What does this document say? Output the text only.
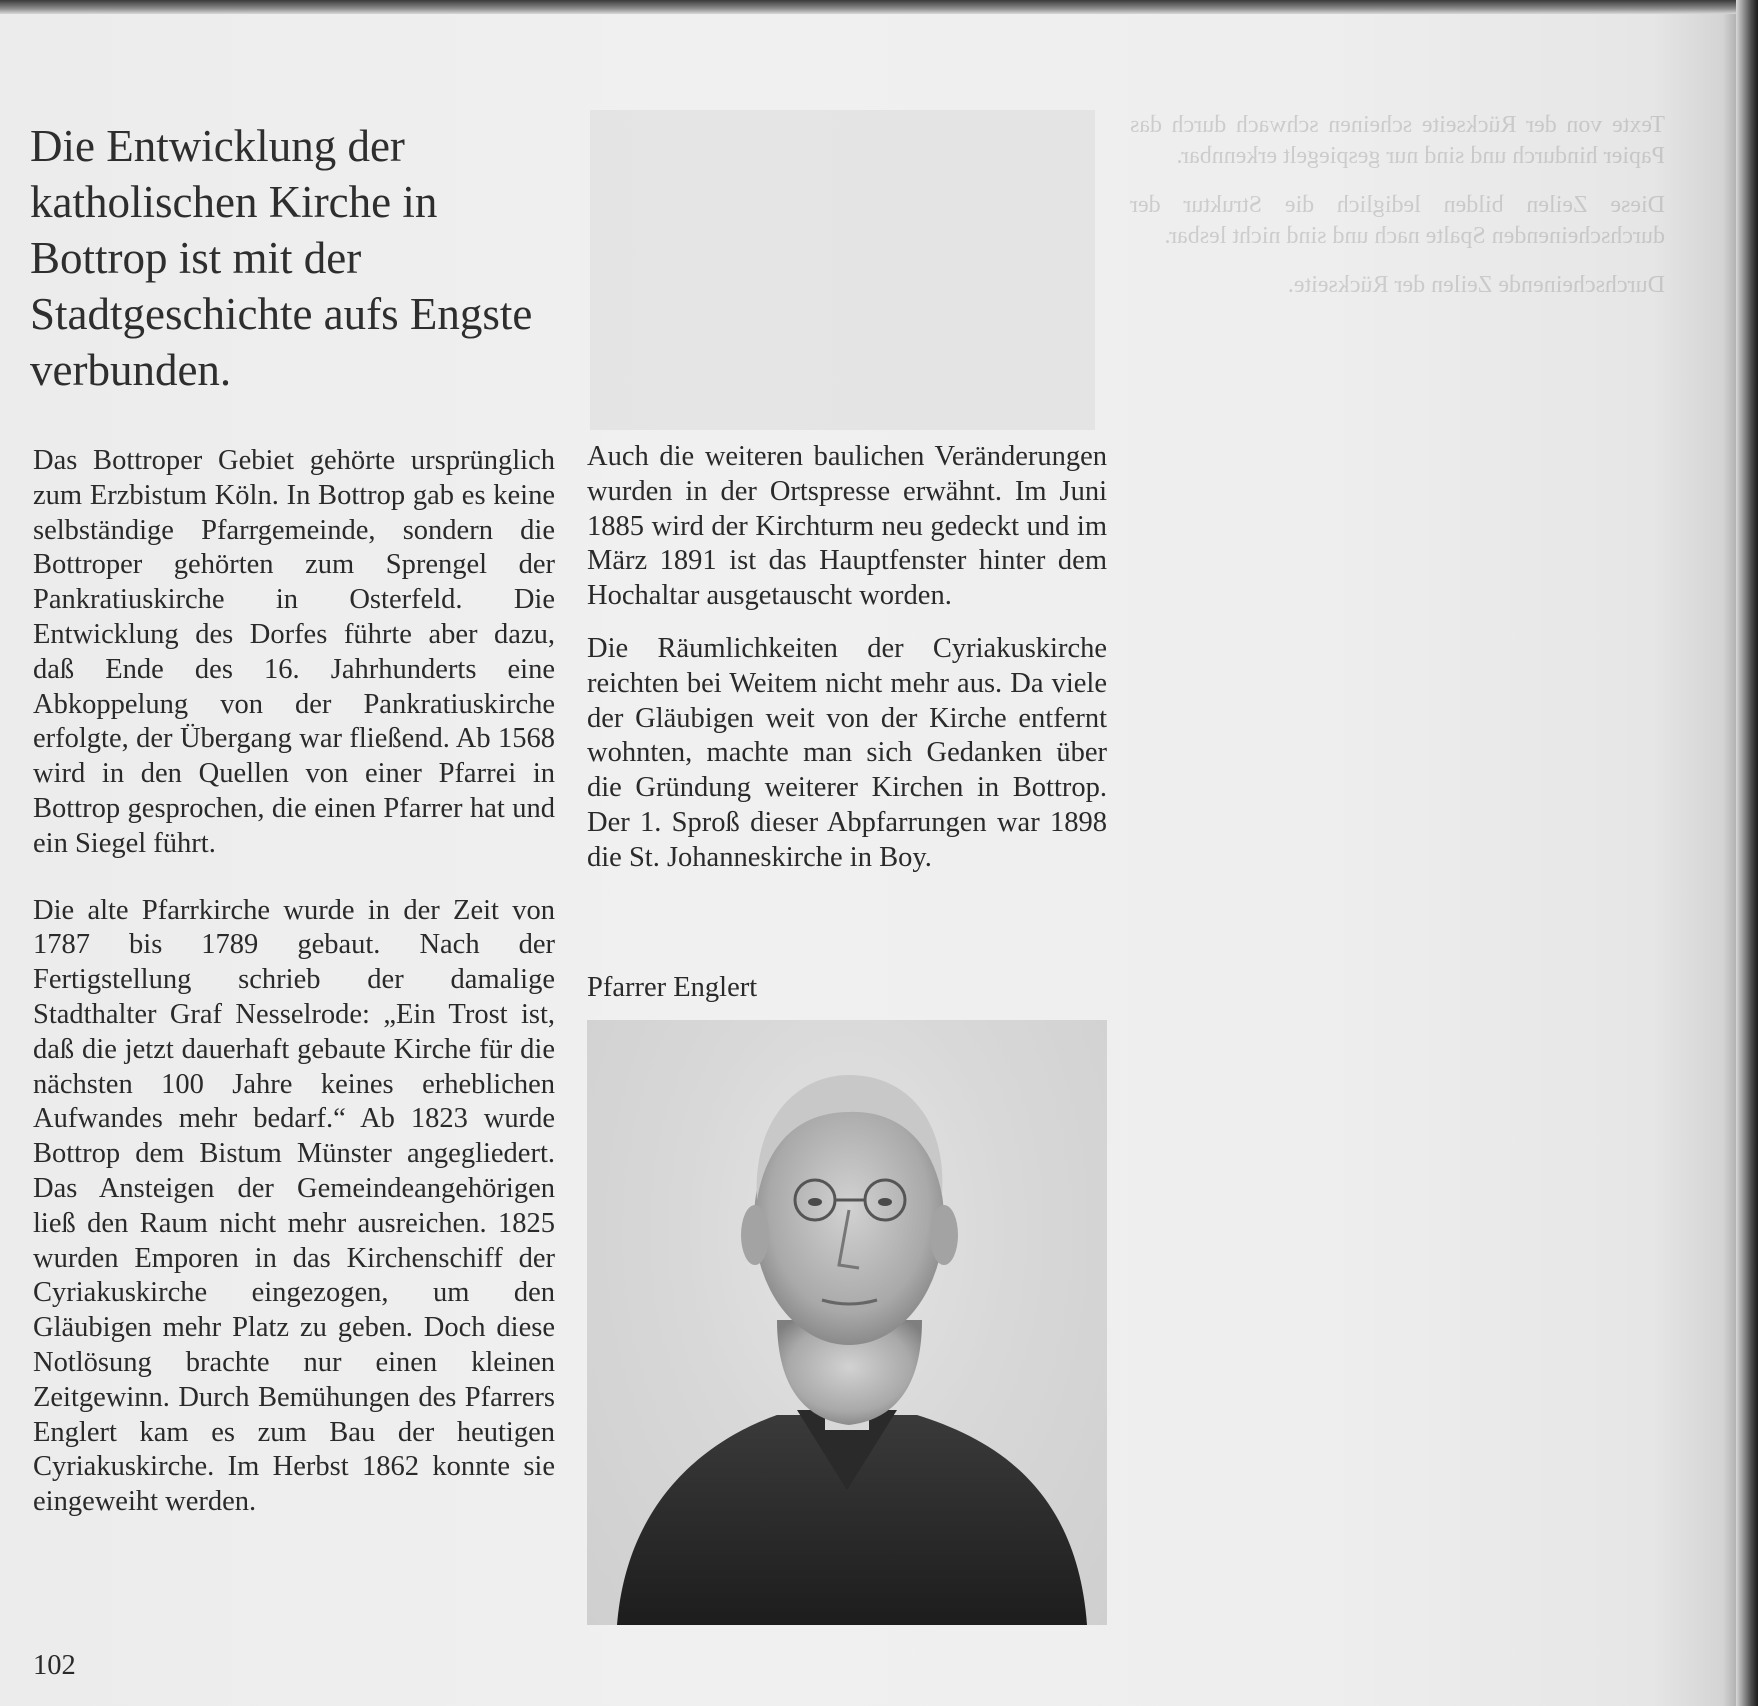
Texte von der Rückseite scheinen schwach durch das Papier hindurch und sind nur gespiegelt erkennbar.

Diese Zeilen bilden lediglich die Struktur der durchscheinenden Spalte nach und sind nicht lesbar.

Durchscheinende Zeilen der Rückseite.

Die Entwicklung der katholischen Kirche in Bottrop ist mit der Stadtgeschichte aufs Engste verbunden.

Das Bottroper Gebiet gehörte ursprünglich zum Erzbistum Köln. In Bottrop gab es keine selbständige Pfarrgemeinde, sondern die Bottroper gehörten zum Sprengel der Pankratiuskirche in Osterfeld. Die Entwicklung des Dorfes führte aber dazu, daß Ende des 16. Jahrhunderts eine Abkoppelung von der Pankratiuskirche erfolgte, der Übergang war fließend. Ab 1568 wird in den Quellen von einer Pfarrei in Bottrop gesprochen, die einen Pfarrer hat und ein Siegel führt.

Die alte Pfarrkirche wurde in der Zeit von 1787 bis 1789 gebaut. Nach der Fertigstellung schrieb der damalige Stadthalter Graf Nesselrode: „Ein Trost ist, daß die jetzt dauerhaft gebaute Kirche für die nächsten 100 Jahre keines erheblichen Aufwandes mehr bedarf.“ Ab 1823 wurde Bottrop dem Bistum Münster angegliedert. Das Ansteigen der Gemeindeangehörigen ließ den Raum nicht mehr ausreichen. 1825 wurden Emporen in das Kirchenschiff der Cyriakuskirche eingezogen, um den Gläubigen mehr Platz zu geben. Doch diese Notlösung brachte nur einen kleinen Zeitgewinn. Durch Bemühungen des Pfarrers Englert kam es zum Bau der heutigen Cyriakuskirche. Im Herbst 1862 konnte sie eingeweiht werden.

Auch die weiteren baulichen Veränderungen wurden in der Ortspresse erwähnt. Im Juni 1885 wird der Kirchturm neu gedeckt und im März 1891 ist das Hauptfenster hinter dem Hochaltar ausgetauscht worden.

Die Räumlichkeiten der Cyriakuskirche reichten bei Weitem nicht mehr aus. Da viele der Gläubigen weit von der Kirche entfernt wohnten, machte man sich Gedanken über die Gründung weiterer Kirchen in Bottrop. Der 1. Sproß dieser Abpfarrungen war 1898 die St. Johanneskirche in Boy.

Pfarrer Englert
102
